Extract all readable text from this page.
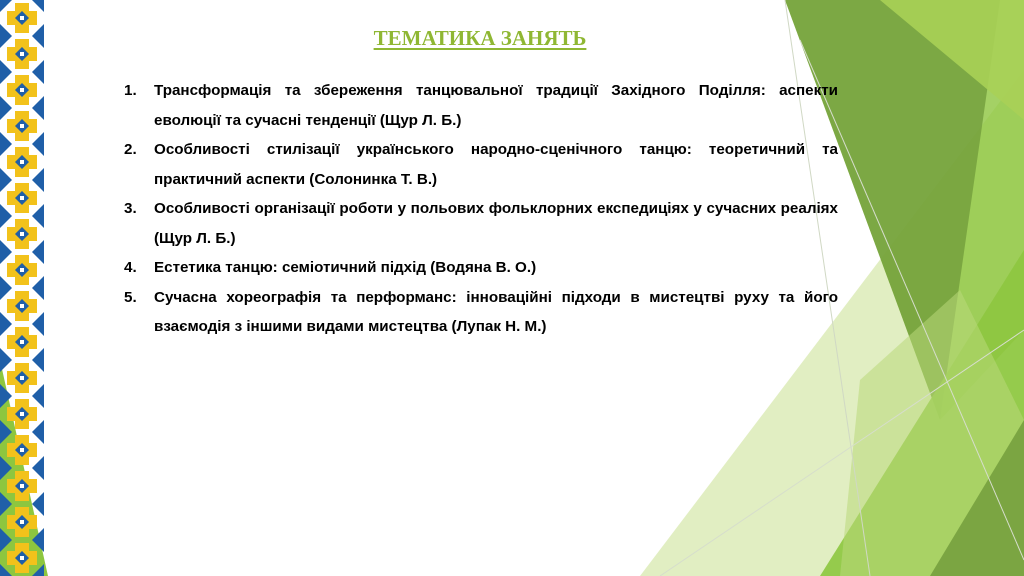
ТЕМАТИКА ЗАНЯТЬ
1.	Трансформація та збереження танцювальної традиції Західного Поділля: аспекти еволюції та сучасні тенденції (Щур Л. Б.)
2.	Особливості стилізації українського народно-сценічного танцю: теоретичний та практичний аспекти (Солонинка Т. В.)
3.	Особливості організації роботи у польових фольклорних експедиціях у сучасних реаліях (Щур Л. Б.)
4.	Естетика танцю: семіотичний підхід (Водяна В. О.)
5.	Сучасна хореографія та перформанс: інноваційні підходи в мистецтві руху та його взаємодія з іншими видами мистецтва (Лупак Н. М.)
